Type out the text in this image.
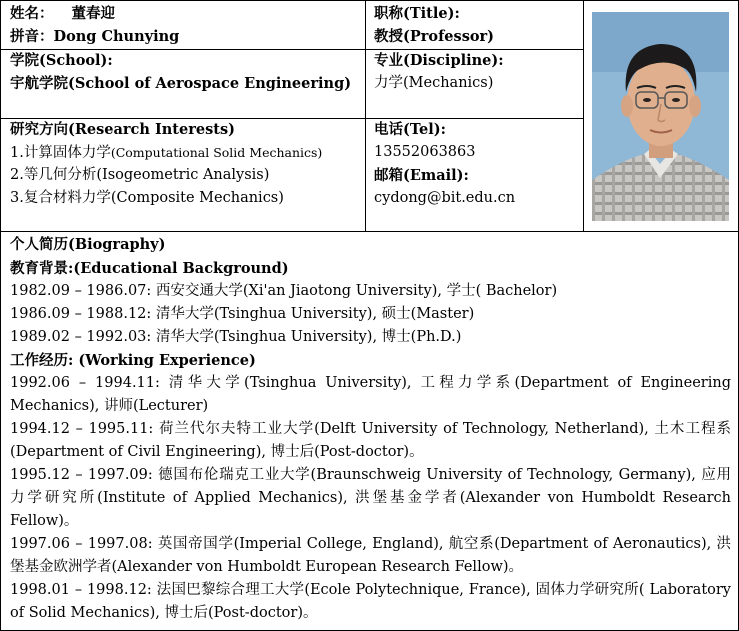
姓名： 董春迎
拼音：Dong Chunying
职称(Title):
教授(Professor)
学院(School):
宇航学院(School of Aerospace Engineering)
专业(Discipline):
力学(Mechanics)
研究方向(Research Interests)
1.计算固体力学(Computational Solid Mechanics)
2.等几何分析(Isogeometric Analysis)
3.复合材料力学(Composite Mechanics)
电话(Tel):
13552063863
邮箱(Email):
cydong@bit.edu.cn
个人简历(Biography)
教育背景:(Educational Background)
1982.09 – 1986.07: 西安交通大学(Xi'an Jiaotong University), 学士( Bachelor)
1986.09 – 1988.12: 清华大学(Tsinghua University), 硕士(Master)
1989.02 – 1992.03: 清华大学(Tsinghua University), 博士(Ph.D.)
工作经历: (Working Experience)
1992.06 – 1994.11: 清华大学(Tsinghua University), 工程力学系(Department of Engineering Mechanics), 讲师(Lecturer)
1994.12 – 1995.11: 荷兰代尔夫特工业大学(Delft University of Technology, Netherland), 土木工程系(Department of Civil Engineering), 博士后(Post-doctor)。
1995.12 – 1997.09: 德国布伦瑞克工业大学(Braunschweig University of Technology, Germany), 应用力学研究所(Institute of Applied Mechanics), 洪堡基金学者(Alexander von Humboldt Research Fellow)。
1997.06 – 1997.08: 英国帝国学(Imperial College, England), 航空系(Department of Aeronautics), 洪堡基金欧洲学者(Alexander von Humboldt European Research Fellow)。
1998.01 – 1998.12: 法国巴黎综合理工大学(Ecole Polytechnique, France), 固体力学研究所( Laboratory of Solid Mechanics), 博士后(Post-doctor)。
